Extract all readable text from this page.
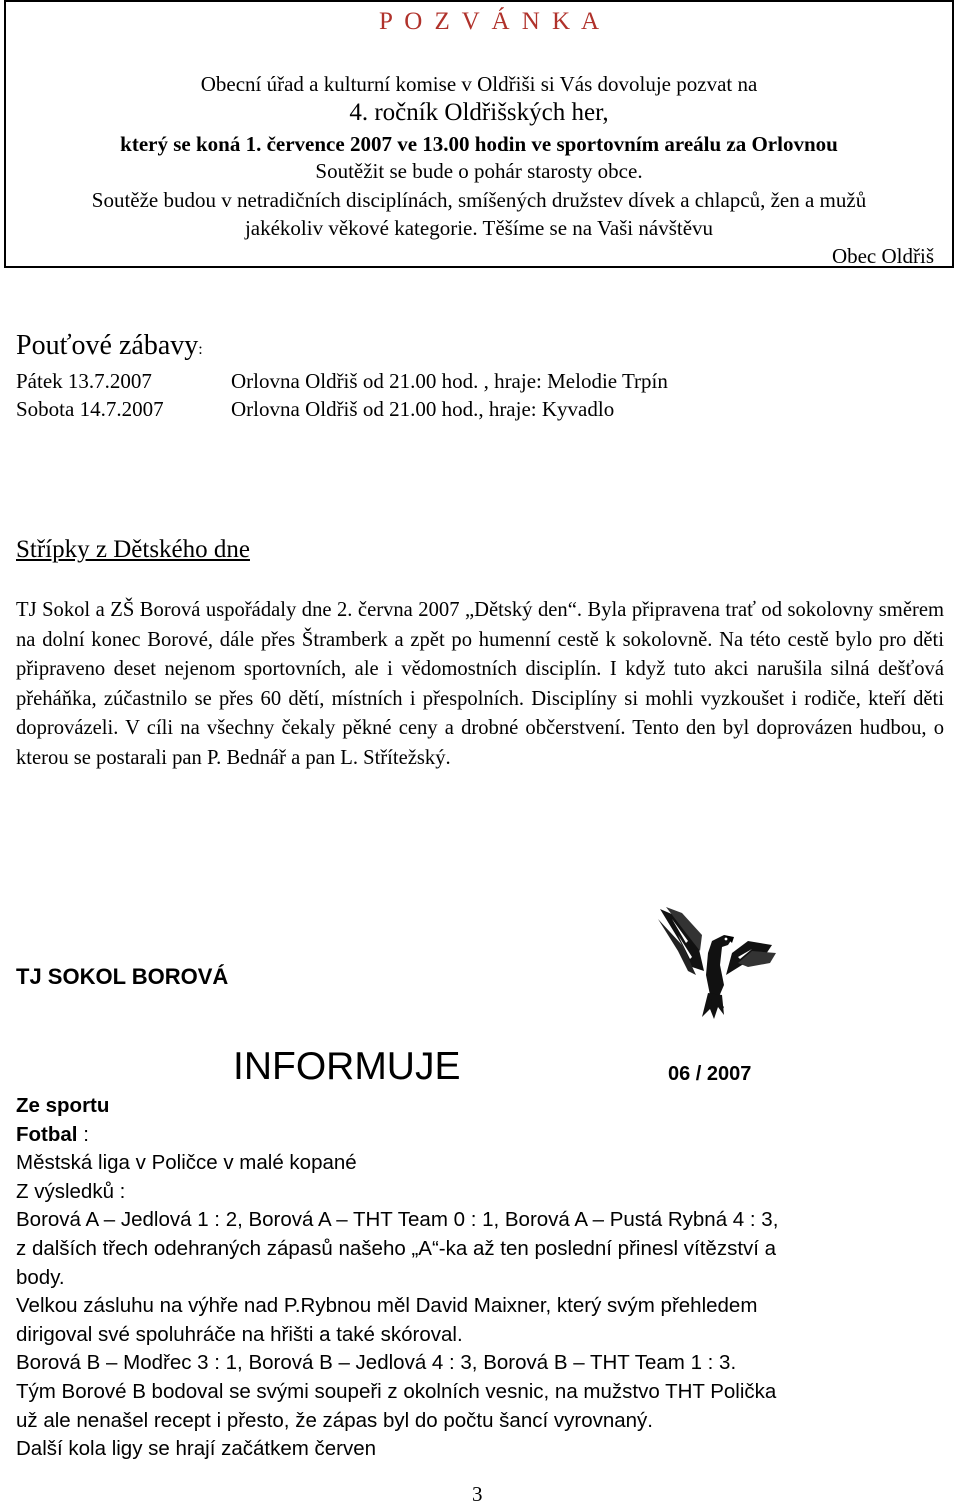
P O Z V Á N K A
Obecní úřad a kulturní komise v Oldřiši si Vás dovoluje pozvat na
4. ročník Oldřišských her,
který se koná 1. července 2007 ve 13.00 hodin ve sportovním areálu za Orlovnou
Soutěžit se bude o pohár starosty obce.
Soutěže budou v netradičních disciplínách, smíšených družstev dívek a chlapců, žen a mužů
jakékoliv věkové kategorie. Těšíme se na Vaši návštěvu
Obec Oldřiš
Pouťové zábavy:
Pátek 13.7.2007	Orlovna Oldřiš od 21.00 hod. , hraje: Melodie Trpín
Sobota 14.7.2007	Orlovna Oldřiš od 21.00 hod., hraje: Kyvadlo
Střípky z Dětského dne

TJ Sokol a ZŠ Borová uspořádaly dne 2. června 2007 „Dětský den“. Byla připravena trať od sokolovny směrem na dolní konec Borové, dále přes Štramberk a zpět po humenní cestě k sokolovně. Na této cestě bylo pro děti připraveno deset nejenom sportovních, ale i vědomostních disciplín. I když tuto akci narušila silná dešťová přeháňka, zúčastnilo se přes 60 dětí, místních i přespolních. Disciplíny si mohli vyzkoušet i rodiče, kteří děti doprovázeli. V cíli na všechny čekaly pěkné ceny a drobné občerstvení. Tento den byl doprovázen hudbou, o kterou se postarali pan P. Bednář a pan L. Střítežský.

TJ SOKOL BOROVÁ
INFORMUJE	06 / 2007
Ze sportu
Fotbal :
Městská liga v Poličce v malé kopané
Z výsledků :
Borová A – Jedlová 1 : 2, Borová A – THT Team 0 : 1, Borová A – Pustá Rybná 4 : 3,
z dalších třech odehraných zápasů našeho „A“-ka až ten poslední přinesl vítězství a
body.
Velkou zásluhu na výhře nad P.Rybnou měl David Maixner, který svým přehledem
dirigoval své spoluhráče na hřišti a také skóroval.
Borová B – Modřec 3 : 1, Borová B – Jedlová 4 : 3, Borová B – THT Team 1 : 3.
Tým Borové B bodoval se svými soupeři z okolních vesnic, na mužstvo THT Polička
už ale nenašel recept i přesto, že zápas byl do počtu šancí vyrovnaný.
Další kola ligy se hrají začátkem červen
3
